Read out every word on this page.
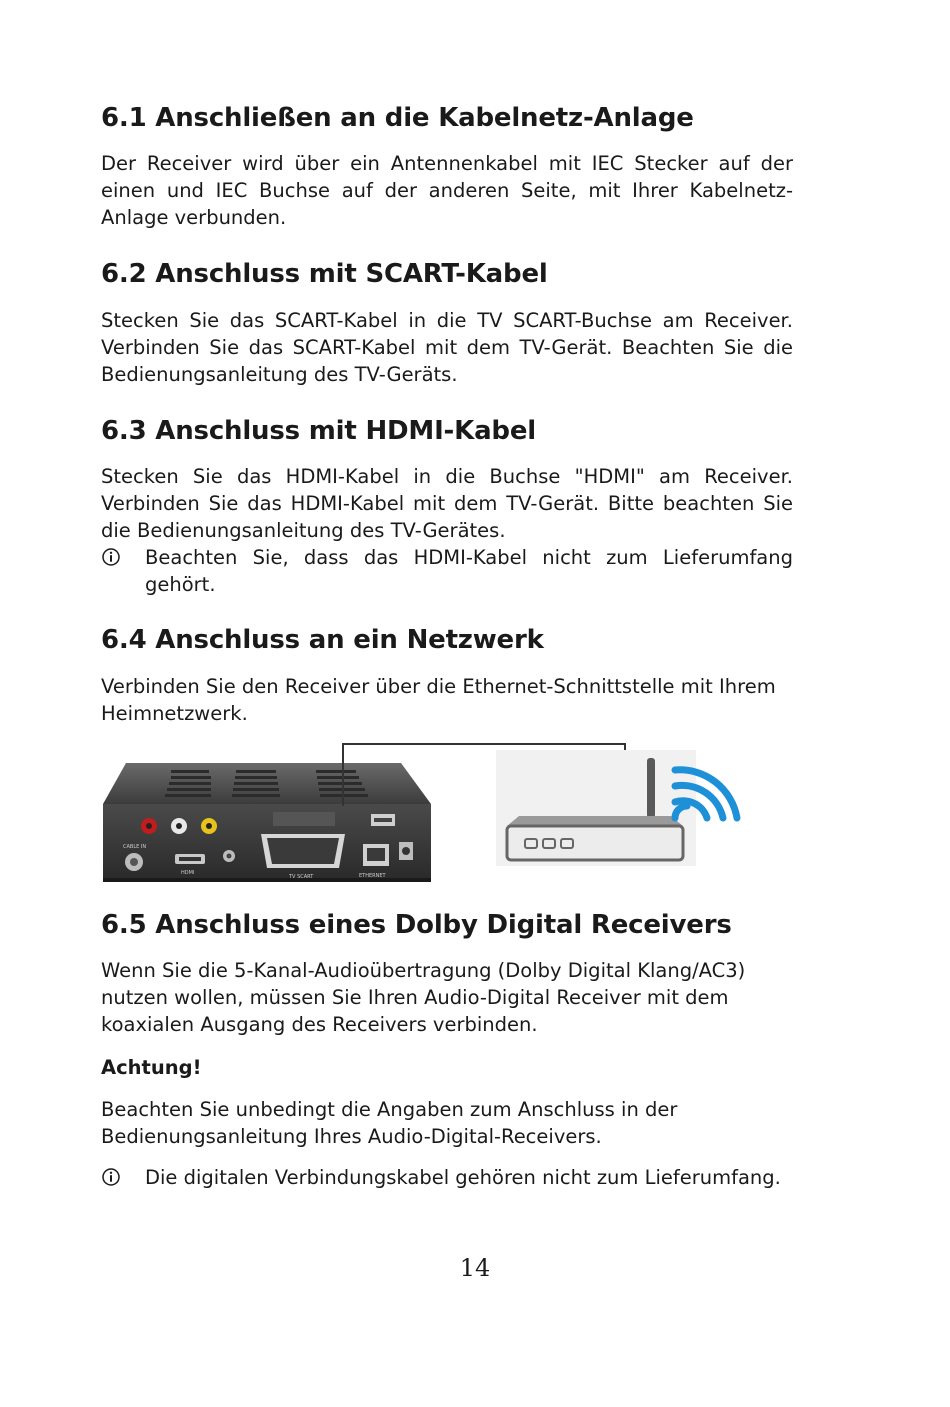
6.1 Anschließen an die Kabelnetz-Anlage

Der Receiver wird über ein Antennenkabel mit IEC Stecker auf der einen und IEC Buchse auf der anderen Seite, mit Ihrer Kabelnetz-Anlage verbunden.

6.2 Anschluss mit SCART-Kabel

Stecken Sie das SCART-Kabel in die TV SCART-Buchse am Receiver. Verbinden Sie das SCART-Kabel mit dem TV-Gerät. Beachten Sie die Bedienungsanleitung des TV-Geräts.

6.3 Anschluss mit HDMI-Kabel

Stecken Sie das HDMI-Kabel in die Buchse "HDMI" am Receiver. Verbinden Sie das HDMI-Kabel mit dem TV-Gerät. Bitte beachten Sie die Bedienungsanleitung des TV-Gerätes.

Beachten Sie, dass das HDMI-Kabel nicht zum Lieferumfang gehört.
6.4 Anschluss an ein Netzwerk

Verbinden Sie den Receiver über die Ethernet-Schnittstelle mit Ihrem Heimnetzwerk.

6.5 Anschluss eines Dolby Digital Receivers

Wenn Sie die 5-Kanal-Audioübertragung (Dolby Digital Klang/AC3) nutzen wollen, müssen Sie Ihren Audio-Digital Receiver mit dem koaxialen Ausgang des Receivers verbinden.

Achtung!

Beachten Sie unbedingt die Angaben zum Anschluss in der Bedienungsanleitung Ihres Audio-Digital-Receivers.

Die digitalen Verbindungskabel gehören nicht zum Lieferumfang.
CABLE IN
HDMI
TV SCART	ETHERNET
14
